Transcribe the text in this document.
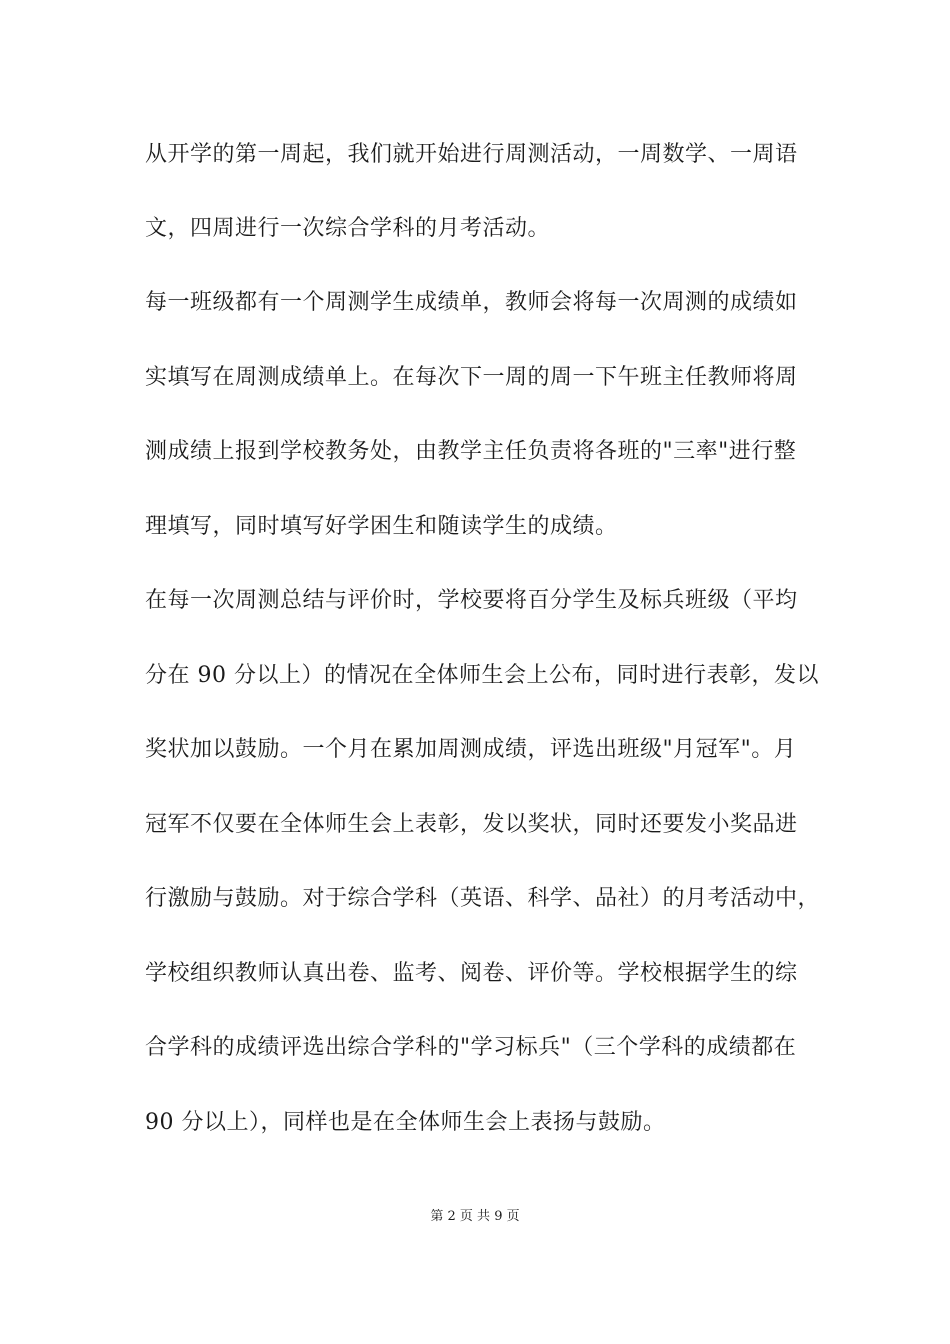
从开学的第一周起，我们就开始进行周测活动，一周数学、一周语
文，四周进行一次综合学科的月考活动。
每一班级都有一个周测学生成绩单，教师会将每一次周测的成绩如
实填写在周测成绩单上。在每次下一周的周一下午班主任教师将周
测成绩上报到学校教务处，由教学主任负责将各班的"三率"进行整
理填写，同时填写好学困生和随读学生的成绩。
在每一次周测总结与评价时，学校要将百分学生及标兵班级（平均
分在 90 分以上）的情况在全体师生会上公布，同时进行表彰，发以
奖状加以鼓励。一个月在累加周测成绩，评选出班级"月冠军"。月
冠军不仅要在全体师生会上表彰，发以奖状，同时还要发小奖品进
行激励与鼓励。对于综合学科（英语、科学、品社）的月考活动中，
学校组织教师认真出卷、监考、阅卷、评价等。学校根据学生的综
合学科的成绩评选出综合学科的"学习标兵"（三个学科的成绩都在
90 分以上），同样也是在全体师生会上表扬与鼓励。
第 2 页 共 9 页
